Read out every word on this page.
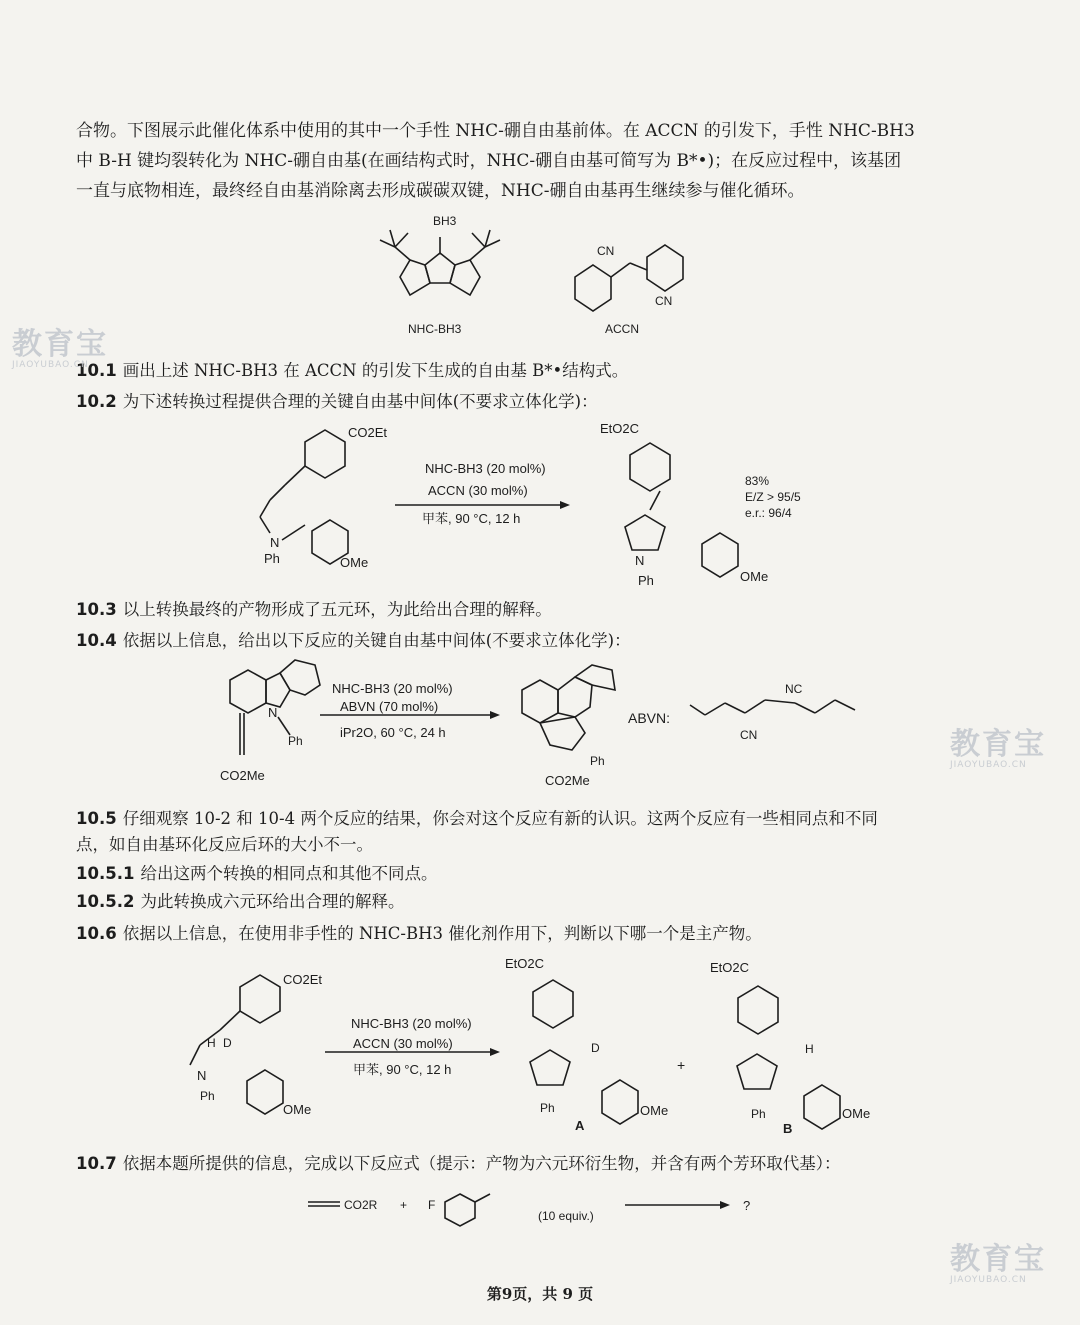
合物。下图展示此催化体系中使用的其中一个手性 NHC-硼自由基前体。在 ACCN 的引发下，手性 NHC-BH3
中 B-H 键均裂转化为 NHC-硼自由基(在画结构式时，NHC-硼自由基可简写为 B*•)；在反应过程中，该基团
一直与底物相连，最终经自由基消除离去形成碳碳双键，NHC-硼自由基再生继续参与催化循环。
BH3
NHC-BH3
CN
CN
ACCN
10.1 画出上述 NHC-BH3 在 ACCN 的引发下生成的自由基 B*•结构式。
10.2 为下述转换过程提供合理的关键自由基中间体(不要求立体化学)：
CO2Et
N
Ph	OMe
NHC-BH3 (20 mol%)
ACCN (30 mol%)
甲苯, 90 °C, 12 h
EtO2C
N
Ph	OMe
83%
E/Z > 95/5
e.r.: 96/4
10.3 以上转换最终的产物形成了五元环，为此给出合理的解释。
10.4 依据以上信息，给出以下反应的关键自由基中间体(不要求立体化学)：
N
Ph
CO2Me
NHC-BH3 (20 mol%)
ABVN (70 mol%)
iPr2O, 60 °C, 24 h
Ph
CO2Me
ABVN:
NC
CN
10.5 仔细观察 10-2 和 10-4 两个反应的结果，你会对这个反应有新的认识。这两个反应有一些相同点和不同
点，如自由基环化反应后环的大小不一。
10.5.1 给出这两个转换的相同点和其他不同点。
10.5.2 为此转换成六元环给出合理的解释。
10.6 依据以上信息，在使用非手性的 NHC-BH3 催化剂作用下，判断以下哪一个是主产物。
CO2Et
H D
N
Ph
OMe
NHC-BH3 (20 mol%)
ACCN (30 mol%)
甲苯, 90 °C, 12 h
EtO2C
D
Ph	OMe
A
+
EtO2C
H
Ph	OMe
B
10.7 依据本题所提供的信息，完成以下反应式（提示：产物为六元环衍生物，并含有两个芳环取代基）：
CO2R + F
(10 equiv.)
?
教育宝
JIAOYUBAO.CN
教育宝
JIAOYUBAO.CN
教育宝
JIAOYUBAO.CN
第9页，共 9 页
